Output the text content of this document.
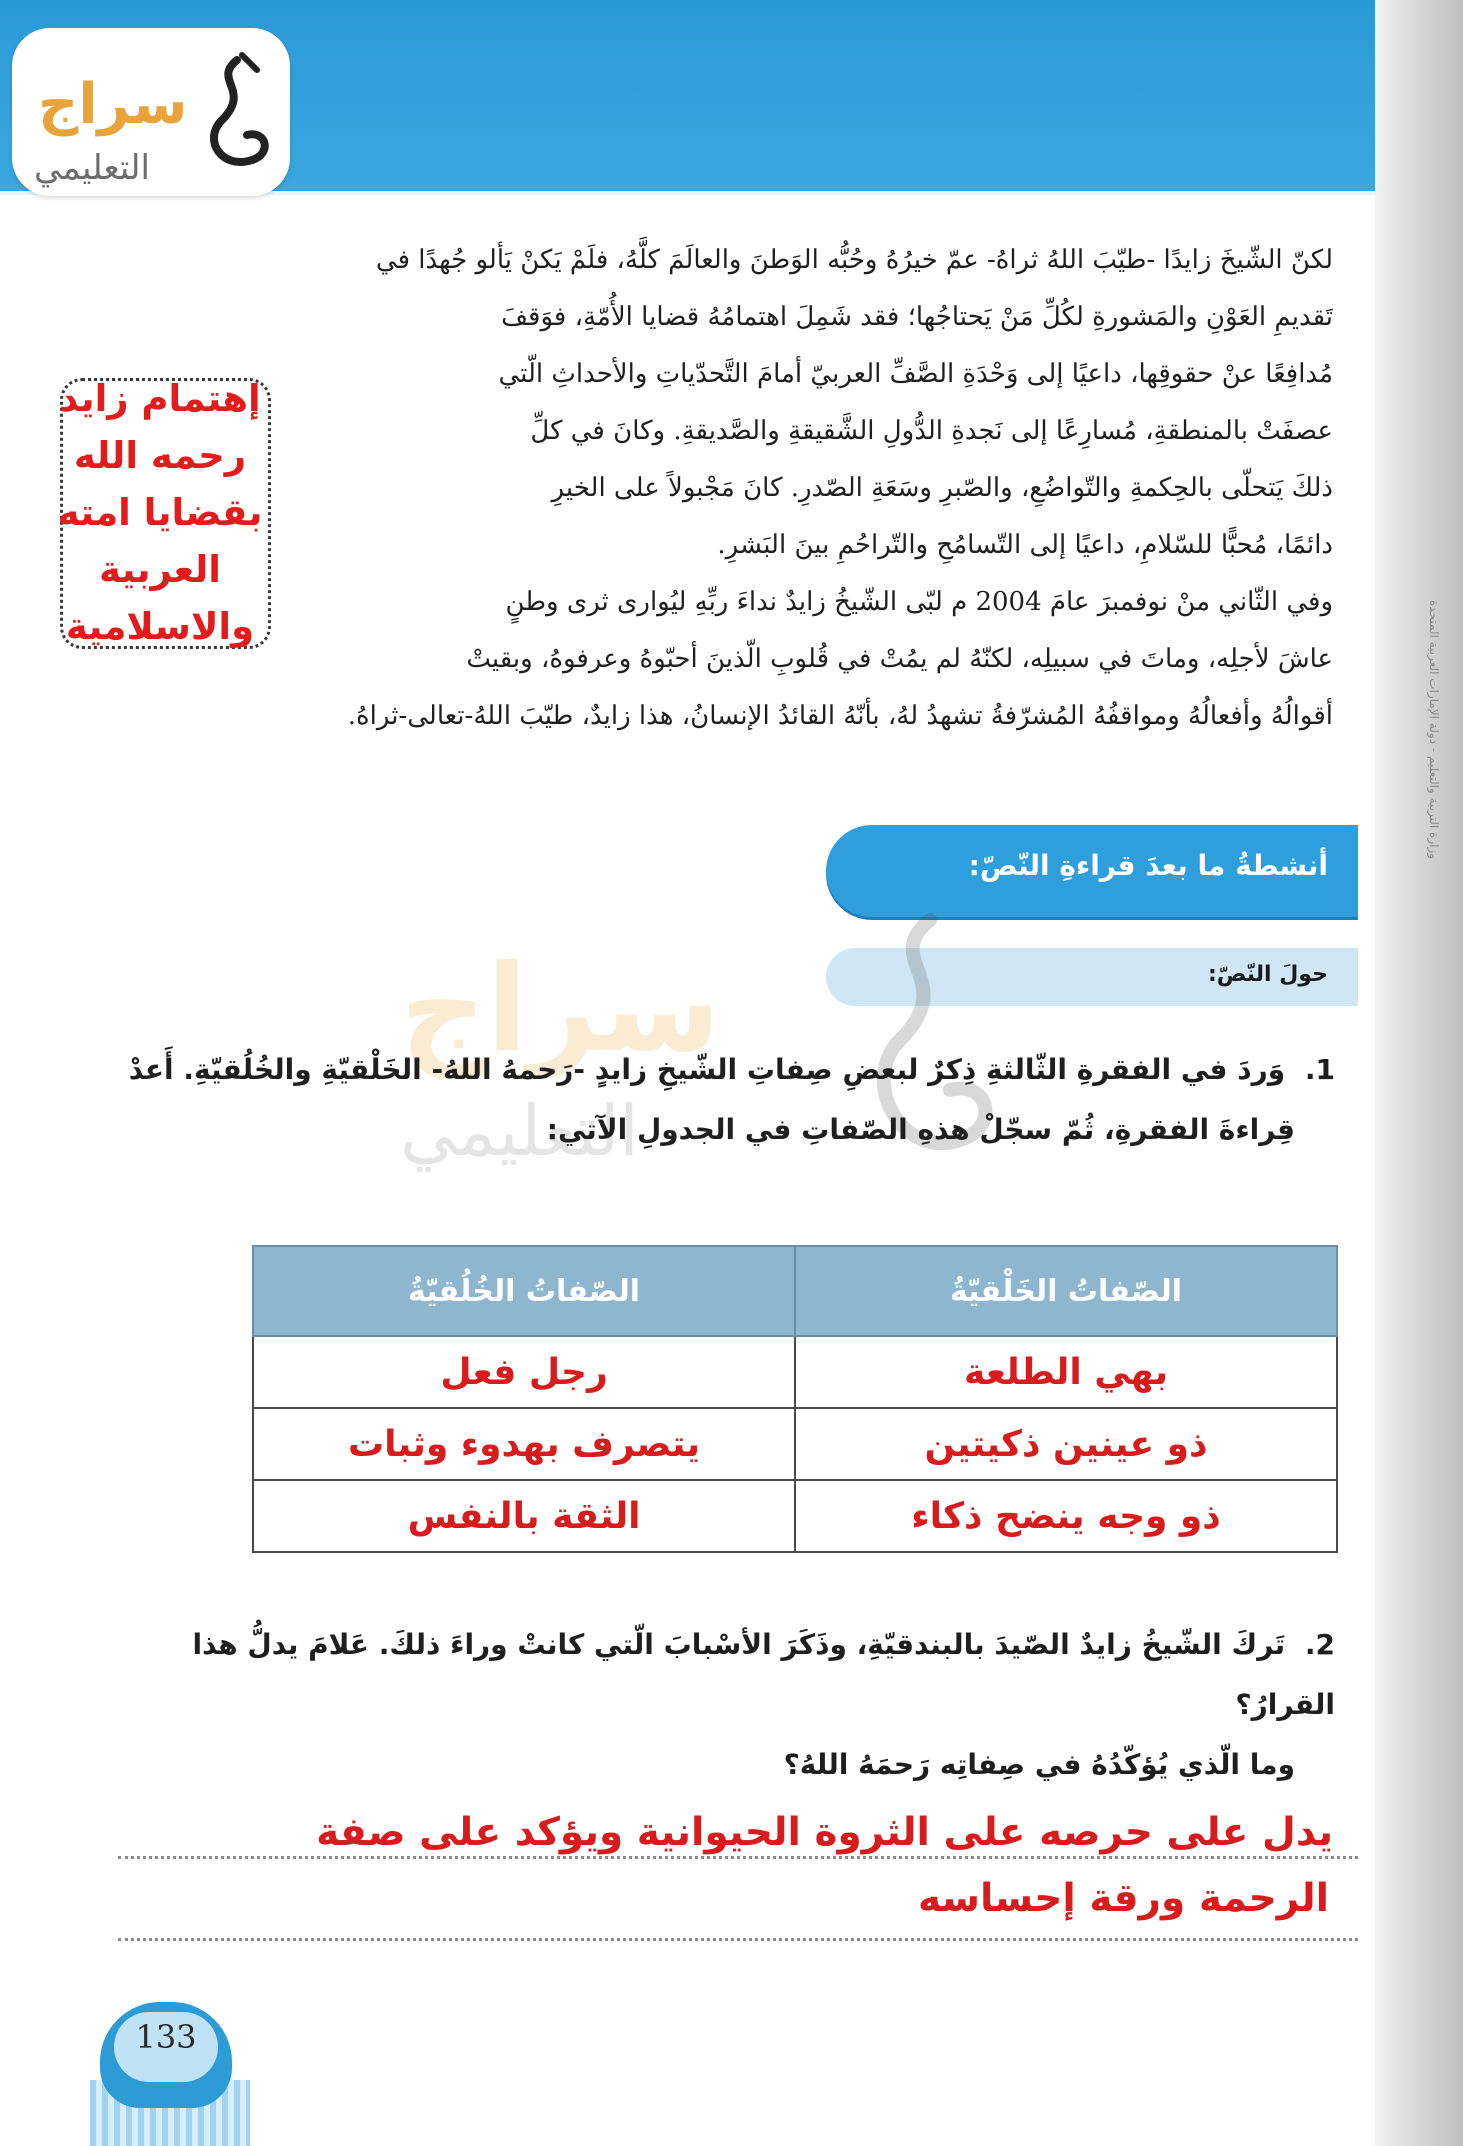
وزارة التربية والتعليم - دولة الإمارات العربية المتحدة
سراج
التعليمي
لكنّ الشّيخَ زايدًا -طيّبَ اللهُ ثراهُ- عمّ خيرُهُ وحُبُّه الوَطنَ والعالَمَ كلَّهُ، فلَمْ يَكنْ يَألو جُهدًا في
تَقديمِ العَوْنِ والمَشورةِ لكُلِّ مَنْ يَحتاجُها؛ فقد شَمِلَ اهتمامُهُ قضايا الأُمّةِ، فوَقفَ
مُدافِعًا عنْ حقوقِها، داعيًا إلى وَحْدَةِ الصَّفِّ العربيّ أمامَ التَّحدّياتِ والأحداثِ الّتي
عصفَتْ بالمنطقةِ، مُسارِعًا إلى نَجدةِ الدُّولِ الشَّقيقةِ والصَّديقةِ. وكانَ في كلِّ
ذلكَ يَتحلّى بالحِكمةِ والتّواضُعِ، والصّبرِ وسَعَةِ الصّدرِ. كانَ مَجْبولاً على الخيرِ
دائمًا، مُحبًّا للسّلامِ، داعيًا إلى التّسامُحِ والتّراحُمِ بينَ البَشرِ.
وفي الثّاني منْ نوفمبرَ عامَ 2004 م لبّى الشّيخُ زايدٌ نداءَ ربِّهِ ليُوارى ثرى وطنٍ
عاشَ لأجلِه، وماتَ في سبيلِه، لكنّهُ لم يمُتْ في قُلوبِ الّذينَ أحبّوهُ وعرفوهُ، وبقيتْ
أقوالُهُ وأفعالُهُ ومواقفُهُ المُشرّفةُ تشهدُ لهُ، بأنّهُ القائدُ الإنسانُ، هذا زايدٌ، طيّبَ اللهُ-تعالى-ثراهُ.
إهتمام زايد
رحمه الله
بقضايا امته
العربية
والاسلامية
أنشطةُ ما بعدَ قراءةِ النّصّ:
حولَ النّصّ:
سراج
التعليمي
1. وَردَ في الفقرةِ الثّالثةِ ذِكرٌ لبعضِ صِفاتِ الشّيخِ زايدٍ -رَحمهُ اللهُ- الخَلْقيّةِ والخُلُقيّةِ. أَعدْ
قِراءةَ الفقرةِ، ثُمّ سجّلْ هذهِ الصّفاتِ في الجدولِ الآتي:
الصّفاتُ الخَلْقيّةُ	الصّفاتُ الخُلُقيّةُ
بهي الطلعة	رجل فعل
ذو عينين ذكيتين	يتصرف بهدوء وثبات
ذو وجه ينضح ذكاء	الثقة بالنفس
2. تَركَ الشّيخُ زايدٌ الصّيدَ بالبندقيّةِ، وذَكَرَ الأسْبابَ الّتي كانتْ وراءَ ذلكَ. عَلامَ يدلُّ هذا القرارُ؟
وما الّذي يُؤكّدُهُ في صِفاتِه رَحمَهُ اللهُ؟
يدل على حرصه على الثروة الحيوانية ويؤكد على صفة
الرحمة ورقة إحساسه
133
